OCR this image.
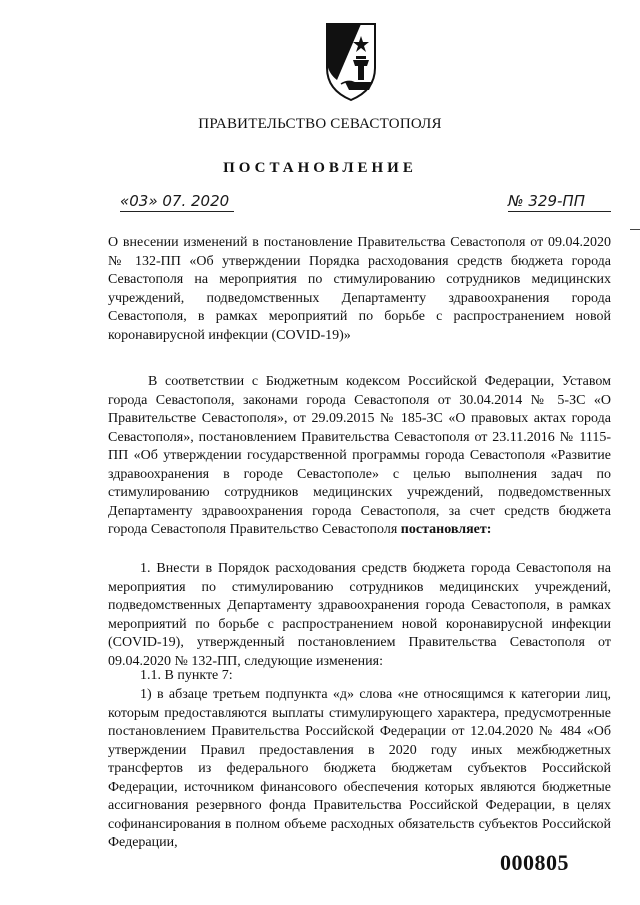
ПРАВИТЕЛЬСТВО СЕВАСТОПОЛЯ
ПОСТАНОВЛЕНИЕ
«03» 07. 2020	№ 329-ПП
О внесении изменений в постановление Правительства Севастополя от 09.04.2020 № 132-ПП «Об утверждении Порядка расходования средств бюджета города Севастополя на мероприятия по стимулированию сотрудников медицинских учреждений, подведомственных Департаменту здравоохранения города Севастополя, в рамках мероприятий по борьбе с распространением новой коронавирусной инфекции (COVID-19)»
В соответствии с Бюджетным кодексом Российской Федерации, Уставом города Севастополя, законами города Севастополя от 30.04.2014 № 5-ЗС «О Правительстве Севастополя», от 29.09.2015 № 185-ЗС «О правовых актах города Севастополя», постановлением Правительства Севастополя от 23.11.2016 № 1115-ПП «Об утверждении государственной программы города Севастополя «Развитие здравоохранения в городе Севастополе» с целью выполнения задач по стимулированию сотрудников медицинских учреждений, подведомственных Департаменту здравоохранения города Севастополя, за счет средств бюджета города Севастополя Правительство Севастополя постановляет:
1. Внести в Порядок расходования средств бюджета города Севастополя на мероприятия по стимулированию сотрудников медицинских учреждений, подведомственных Департаменту здравоохранения города Севастополя, в рамках мероприятий по борьбе с распространением новой коронавирусной инфекции (COVID-19), утвержденный постановлением Правительства Севастополя от 09.04.2020 № 132-ПП, следующие изменения:
1.1. В пункте 7:
1) в абзаце третьем подпункта «д» слова «не относящимся к категории лиц, которым предоставляются выплаты стимулирующего характера, предусмотренные постановлением Правительства Российской Федерации от 12.04.2020 № 484 «Об утверждении Правил предоставления в 2020 году иных межбюджетных трансфертов из федерального бюджета бюджетам субъектов Российской Федерации, источником финансового обеспечения которых являются бюджетные ассигнования резервного фонда Правительства Российской Федерации, в целях софинансирования в полном объеме расходных обязательств субъектов Российской Федерации,
000805
